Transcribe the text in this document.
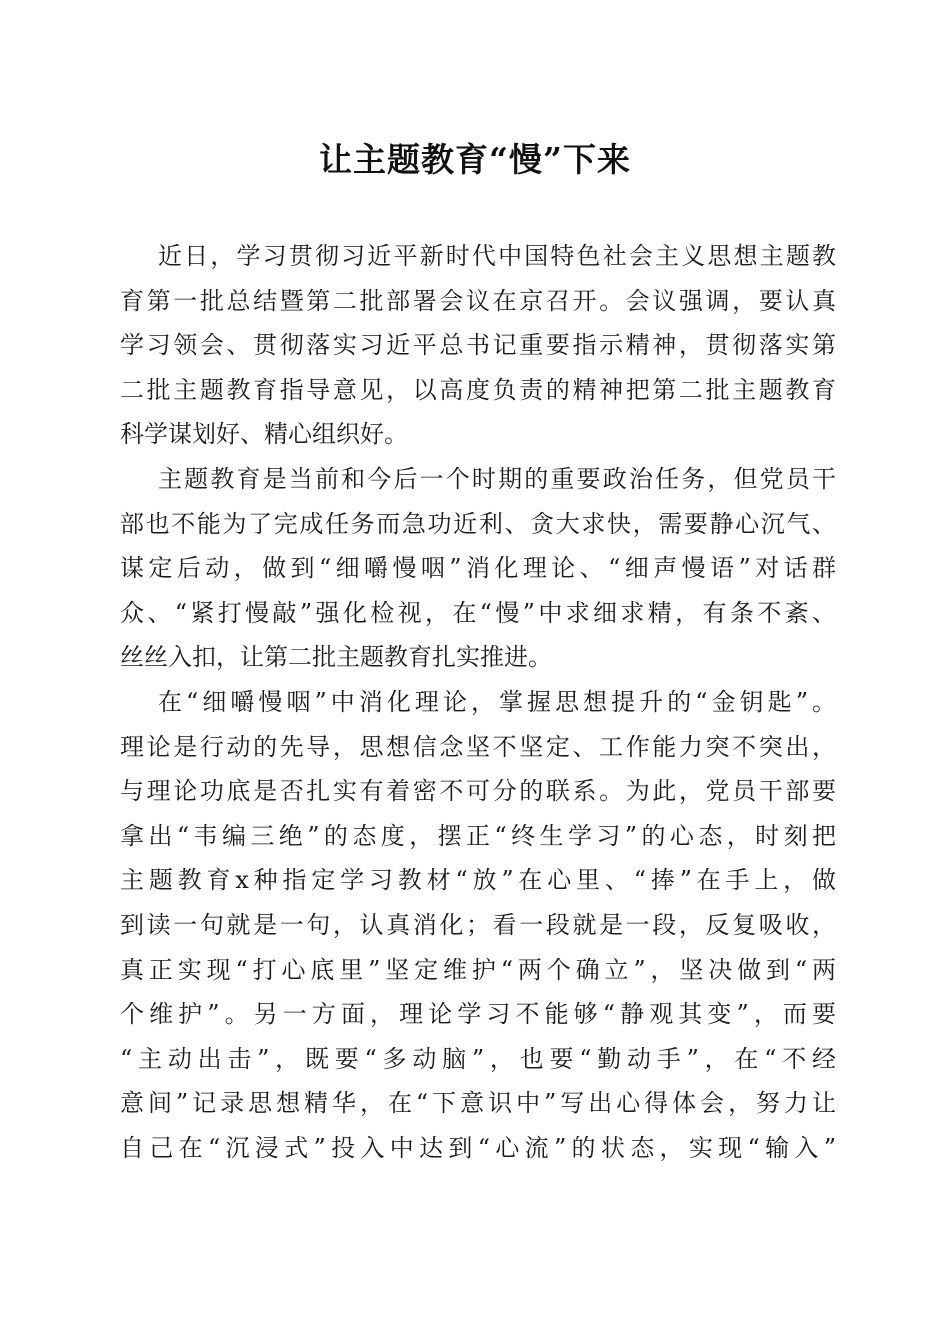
让主题教育“慢”下来
近日，学习贯彻习近平新时代中国特色社会主义思想主题教
育第一批总结暨第二批部署会议在京召开。会议强调，要认真
学习领会、贯彻落实习近平总书记重要指示精神，贯彻落实第
二批主题教育指导意见，以高度负责的精神把第二批主题教育
科学谋划好、精心组织好。
主题教育是当前和今后一个时期的重要政治任务，但党员干
部也不能为了完成任务而急功近利、贪大求快，需要静心沉气、
谋定后动，做到“细嚼慢咽”消化理论、“细声慢语”对话群
众、“紧打慢敲”强化检视，在“慢”中求细求精，有条不紊、
丝丝入扣，让第二批主题教育扎实推进。
在“细嚼慢咽”中消化理论，掌握思想提升的“金钥匙”。
理论是行动的先导，思想信念坚不坚定、工作能力突不突出，
与理论功底是否扎实有着密不可分的联系。为此，党员干部要
拿出“韦编三绝”的态度，摆正“终生学习”的心态，时刻把
主题教育x种指定学习教材“放”在心里、“捧”在手上，做
到读一句就是一句，认真消化；看一段就是一段，反复吸收，
真正实现“打心底里”坚定维护“两个确立”，坚决做到“两
个维护”。另一方面，理论学习不能够“静观其变”，而要
“主动出击”，既要“多动脑”，也要“勤动手”，在“不经
意间”记录思想精华，在“下意识中”写出心得体会，努力让
自己在“沉浸式”投入中达到“心流”的状态，实现“输入”
